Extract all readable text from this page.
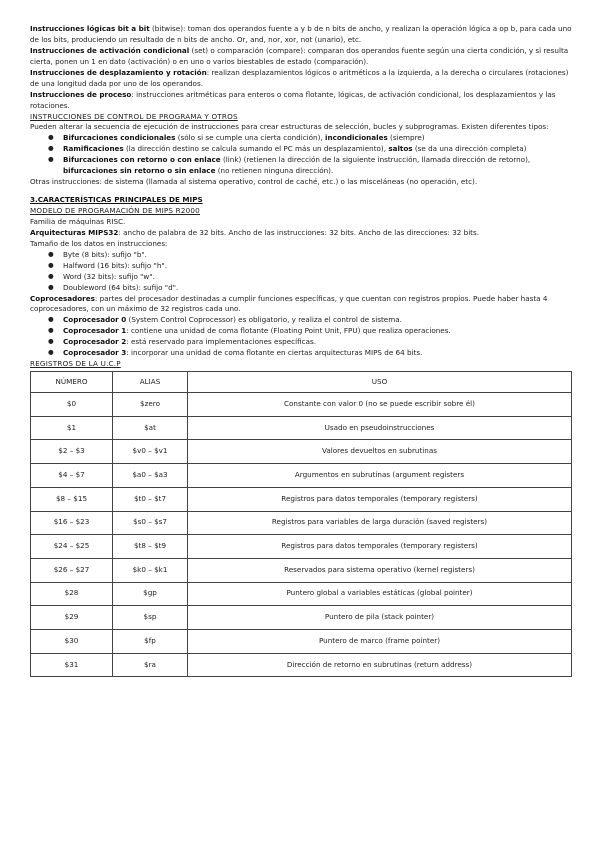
Instrucciones lógicas bit a bit (bitwise): toman dos operandos fuente a y b de n bits de ancho, y realizan la operación lógica a op b, para cada uno de los bits, produciendo un resultado de n bits de ancho. Or, and, nor, xor, not (unario), etc.

Instrucciones de activación condicional (set) o comparación (compare): comparan dos operandos fuente según una cierta condición, y si resulta cierta, ponen un 1 en dato (activación) o en uno o varios biestables de estado (comparación).

Instrucciones de desplazamiento y rotación: realizan desplazamientos lógicos o aritméticos a la izquierda, a la derecha o circulares (rotaciones) de una longitud dada por uno de los operandos.

Instrucciones de proceso: instrucciones aritméticas para enteros o coma flotante, lógicas, de activación condicional, los desplazamientos y las rotaciones.

INSTRUCCIONES DE CONTROL DE PROGRAMA Y OTROS

Pueden alterar la secuencia de ejecución de instrucciones para crear estructuras de selección, bucles y subprogramas. Existen diferentes tipos:

● Bifurcaciones condicionales (sólo si se cumple una cierta condición), incondicionales (siempre)
● Ramificaciones (la dirección destino se calcula sumando el PC más un desplazamiento), saltos (se da una dirección completa)
● Bifurcaciones con retorno o con enlace (link) (retienen la dirección de la siguiente instrucción, llamada dirección de retorno), bifurcaciones sin retorno o sin enlace (no retienen ninguna dirección).

Otras instrucciones: de sistema (llamada al sistema operativo, control de caché, etc.) o las misceláneas (no operación, etc).

3.CARACTERÍSTICAS PRINCIPALES DE MIPS

MODELO DE PROGRAMACIÓN DE MIPS R2000

Familia de máquinas RISC.

Arquitecturas MIPS32: ancho de palabra de 32 bits. Ancho de las instrucciones: 32 bits. Ancho de las direcciones: 32 bits.

Tamaño de los datos en instrucciones:

● Byte (8 bits): sufijo "b".
● Halfword (16 bits): sufijo "h".
● Word (32 bits): sufijo "w".
● Doubleword (64 bits): sufijo "d".

Coprocesadores: partes del procesador destinadas a cumplir funciones específicas, y que cuentan con registros propios. Puede haber hasta 4 coprocesadores, con un máximo de 32 registros cada uno.

● Coprocesador 0 (System Control Coprocessor) es obligatorio, y realiza el control de sistema.
● Coprocesador 1: contiene una unidad de coma flotante (Floating Point Unit, FPU) que realiza operaciones.
● Coprocesador 2: está reservado para implementaciones específicas.
● Coprocesador 3: incorporar una unidad de coma flotante en ciertas arquitecturas MIPS de 64 bits.

REGISTROS DE LA U.C.P

NÚMERO	ALIAS	USO
$0	$zero	Constante con valor 0 (no se puede escribir sobre él)
$1	$at	Usado en pseudoinstrucciones
$2 – $3	$v0 – $v1	Valores devueltos en subrutinas
$4 – $7	$a0 – $a3	Argumentos en subrutinas (argument registers
$8 – $15	$t0 – $t7	Registros para datos temporales (temporary registers)
$16 – $23	$s0 – $s7	Registros para variables de larga duración (saved registers)
$24 – $25	$t8 – $t9	Registros para datos temporales (temporary registers)
$26 – $27	$k0 – $k1	Reservados para sistema operativo (kernel registers)
$28	$gp	Puntero global a variables estáticas (global pointer)
$29	$sp	Puntero de pila (stack pointer)
$30	$fp	Puntero de marco (frame pointer)
$31	$ra	Dirección de retorno en subrutinas (return address)
